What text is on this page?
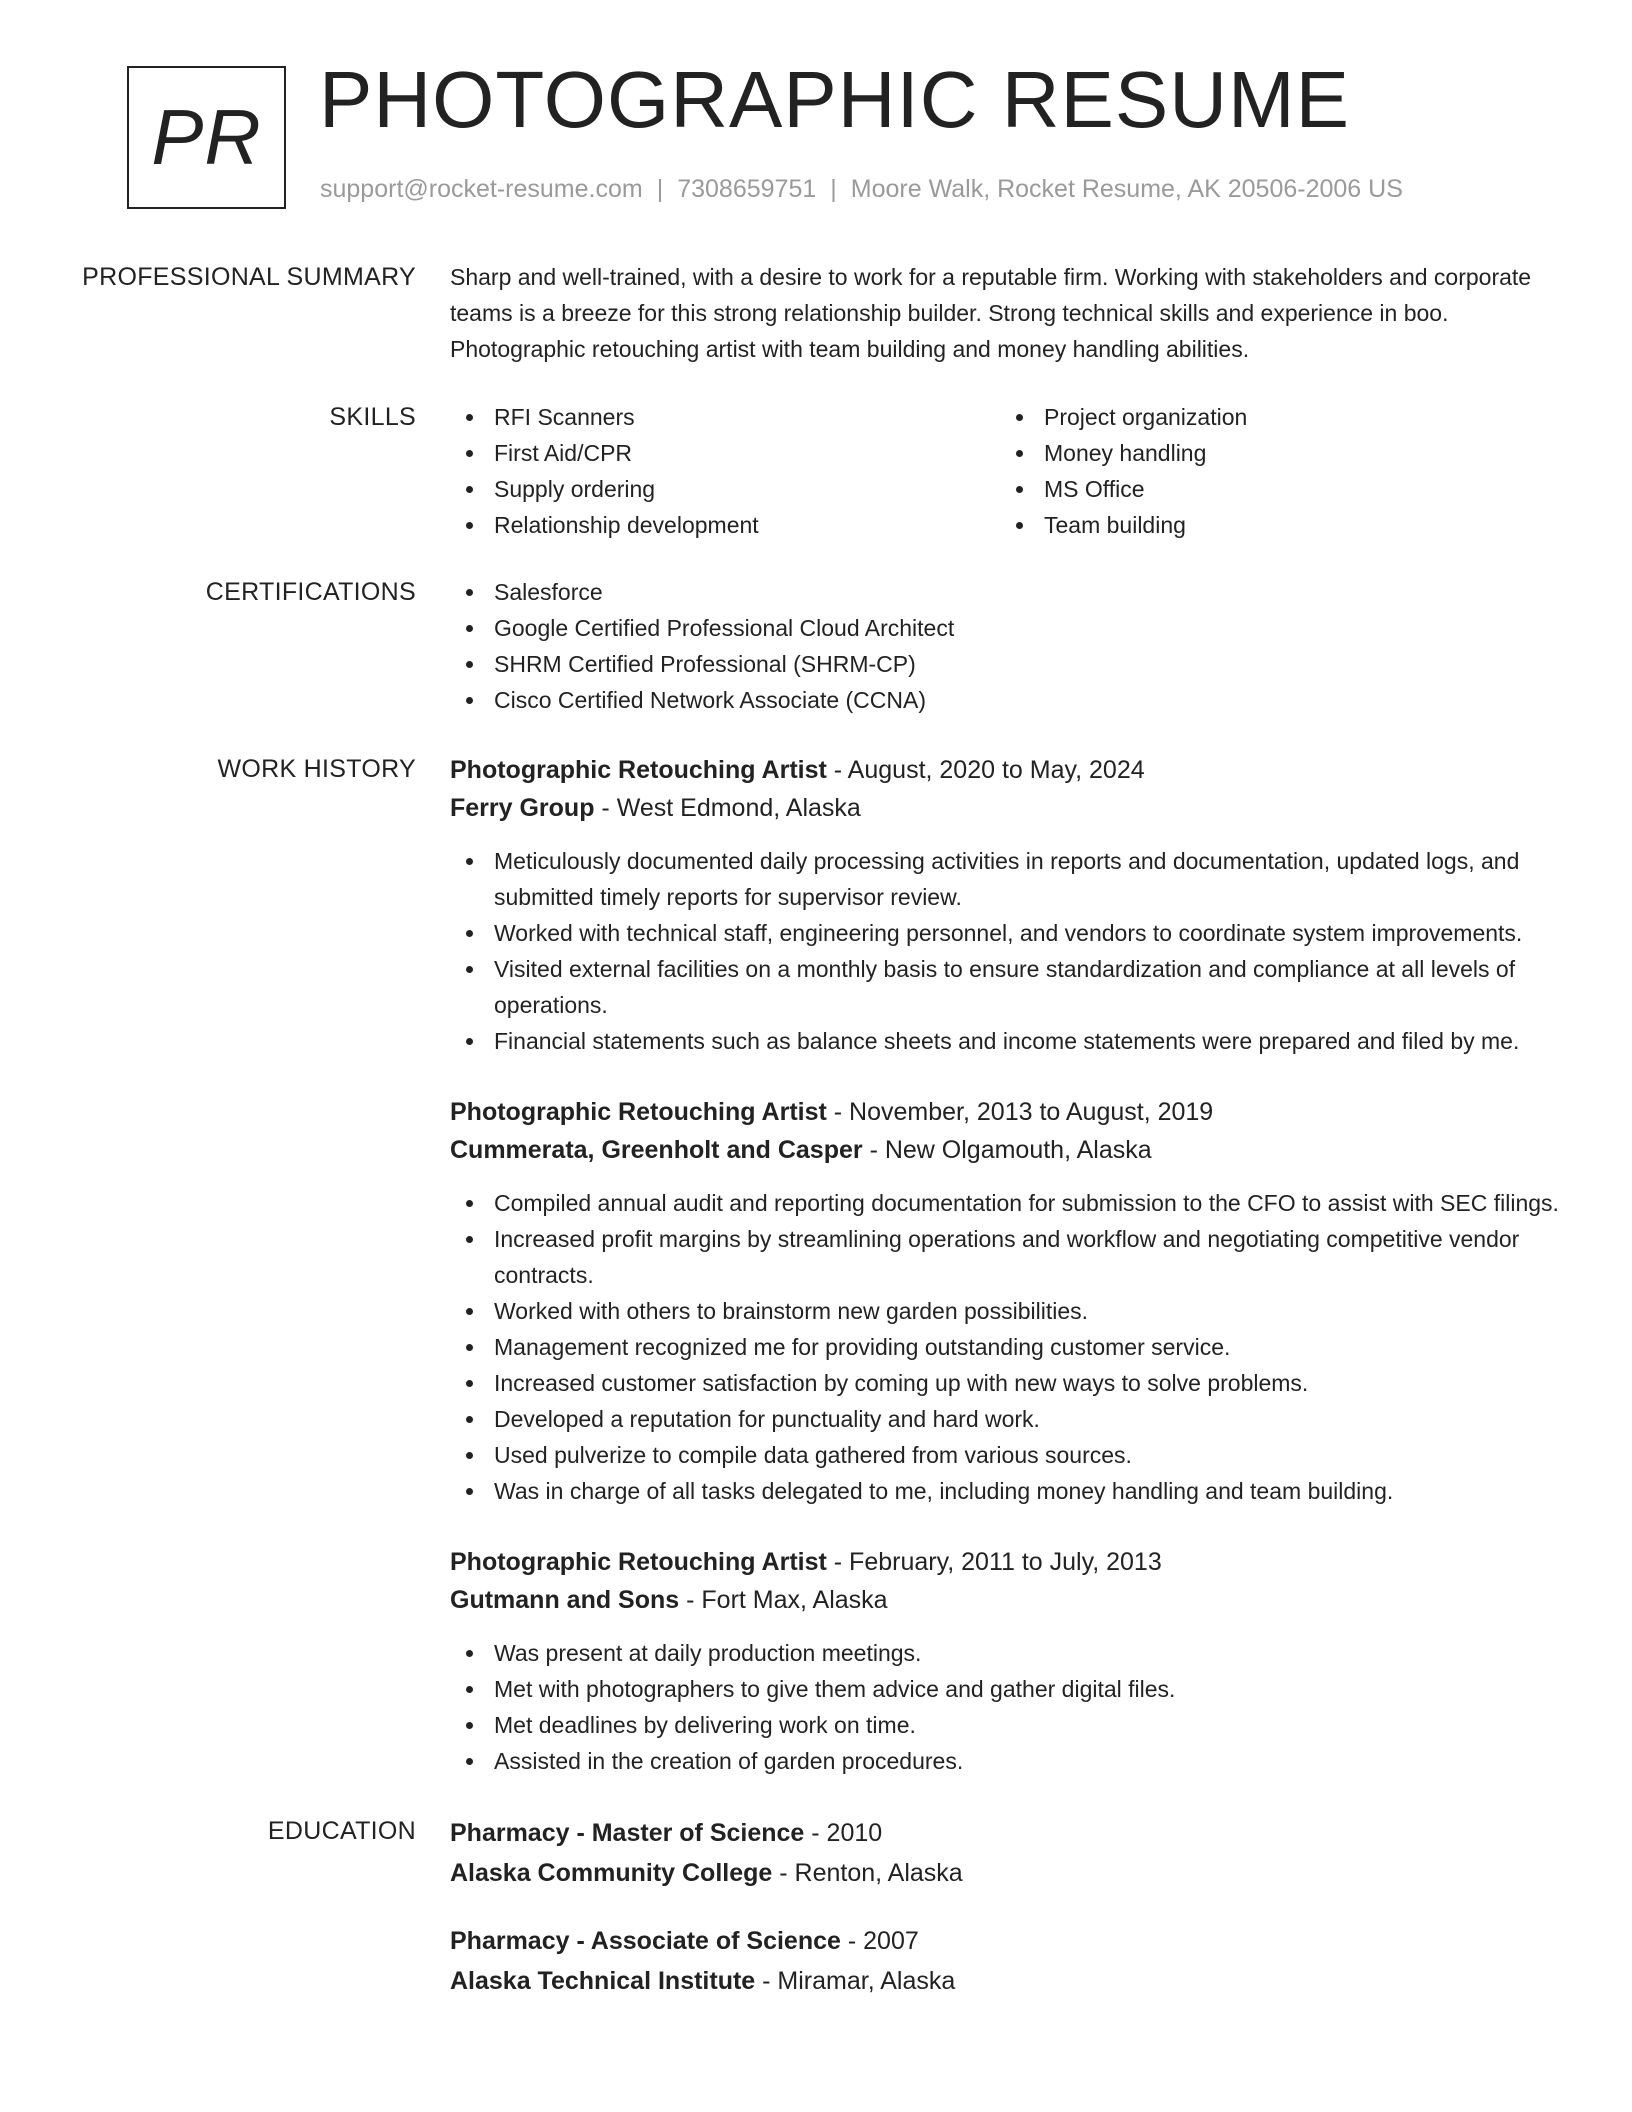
PR PHOTOGRAPHIC RESUME
support@rocket-resume.com | 7308659751 | Moore Walk, Rocket Resume, AK 20506-2006 US
PROFESSIONAL SUMMARY Sharp and well-trained, with a desire to work for a reputable firm. Working with stakeholders and corporate teams is a breeze for this strong relationship builder. Strong technical skills and experience in boo. Photographic retouching artist with team building and money handling abilities.
SKILLS	RFI Scanners
First Aid/CPR
Supply ordering
Relationship development
Project organization
Money handling
MS Office
Team building
CERTIFICATIONS	Salesforce
Google Certified Professional Cloud Architect
SHRM Certified Professional (SHRM-CP)
Cisco Certified Network Associate (CCNA)
WORK HISTORY Photographic Retouching Artist - August, 2020 to May, 2024
Ferry Group - West Edmond, Alaska
Meticulously documented daily processing activities in reports and documentation, updated logs, and submitted timely reports for supervisor review.
Worked with technical staff, engineering personnel, and vendors to coordinate system improvements.
Visited external facilities on a monthly basis to ensure standardization and compliance at all levels of operations.
Financial statements such as balance sheets and income statements were prepared and filed by me.
Photographic Retouching Artist - November, 2013 to August, 2019
Cummerata, Greenholt and Casper - New Olgamouth, Alaska
Compiled annual audit and reporting documentation for submission to the CFO to assist with SEC filings.
Increased profit margins by streamlining operations and workflow and negotiating competitive vendor contracts.
Worked with others to brainstorm new garden possibilities.
Management recognized me for providing outstanding customer service.
Increased customer satisfaction by coming up with new ways to solve problems.
Developed a reputation for punctuality and hard work.
Used pulverize to compile data gathered from various sources.
Was in charge of all tasks delegated to me, including money handling and team building.
Photographic Retouching Artist - February, 2011 to July, 2013
Gutmann and Sons - Fort Max, Alaska
Was present at daily production meetings.
Met with photographers to give them advice and gather digital files.
Met deadlines by delivering work on time.
Assisted in the creation of garden procedures.
EDUCATION Pharmacy - Master of Science - 2010
Alaska Community College - Renton, Alaska
Pharmacy - Associate of Science - 2007
Alaska Technical Institute - Miramar, Alaska
